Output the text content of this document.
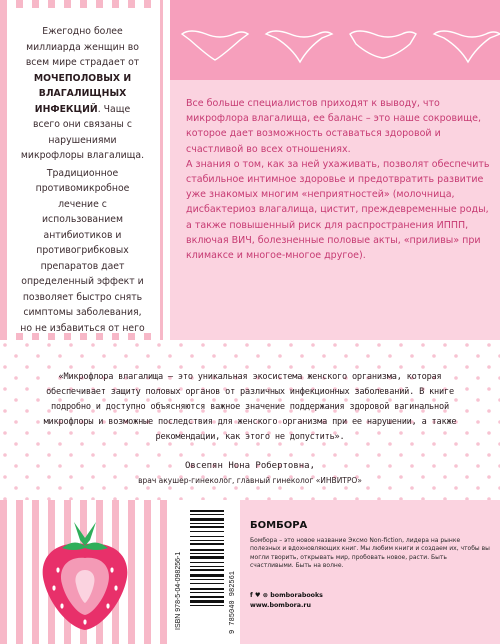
Ежегодно более миллиарда женщин во всем мире страдает от МОЧЕПОЛОВЫХ И ВЛАГАЛИЩНЫХ ИНФЕКЦИЙ. Чаще всего они связаны с нарушениями микрофлоры влагалища.

Традиционное противомикробное лечение с использованием антибиотиков и противогрибковых препаратов дает определенный эффект и позволяет быстро снять симптомы заболевания, но не избавиться от него

Все больше специалистов приходят к выводу, что микрофлора влагалища, ее баланс – это наше сокровище, которое дает возможность оставаться здоровой и счастливой во всех отношениях.

А знания о том, как за ней ухаживать, позволят обеспечить стабильное интимное здоровье и предотвратить развитие уже знакомых многим «неприятностей» (молочница, дисбактериоз влагалища, цистит, преждевременные роды, а также повышенный риск для распространения ИППП, включая ВИЧ, болезненные половые акты, «приливы» при климаксе и многое-многое другое).

«Микрофлора влагалища – это уникальная экосистема женского организма, которая обеспечивает защиту половых органов от различных инфекционных заболеваний. В книге подробно и доступно объясняются важное значение поддержания здоровой вагинальной микрофлоры и возможные последствия для женского организма при ее нарушении, а также рекомендации, как этого не допустить».

Овсепян Нона Робертовна,

врач акушер-гинеколог, главный гинеколог «ИНВИТРО»

ISBN 978-5-04-098256-1	9 785040 982561
БОМБОРА

Бомбора – это новое название Эксмо Non-fiction, лидера на рынке полезных и вдохновляющих книг. Мы любим книги и создаем их, чтобы вы могли творить, открывать мир, пробовать новое, расти. Быть счастливыми. Быть на волне.

f ♥ ⊚ bomborabooks
www.bombora.ru
